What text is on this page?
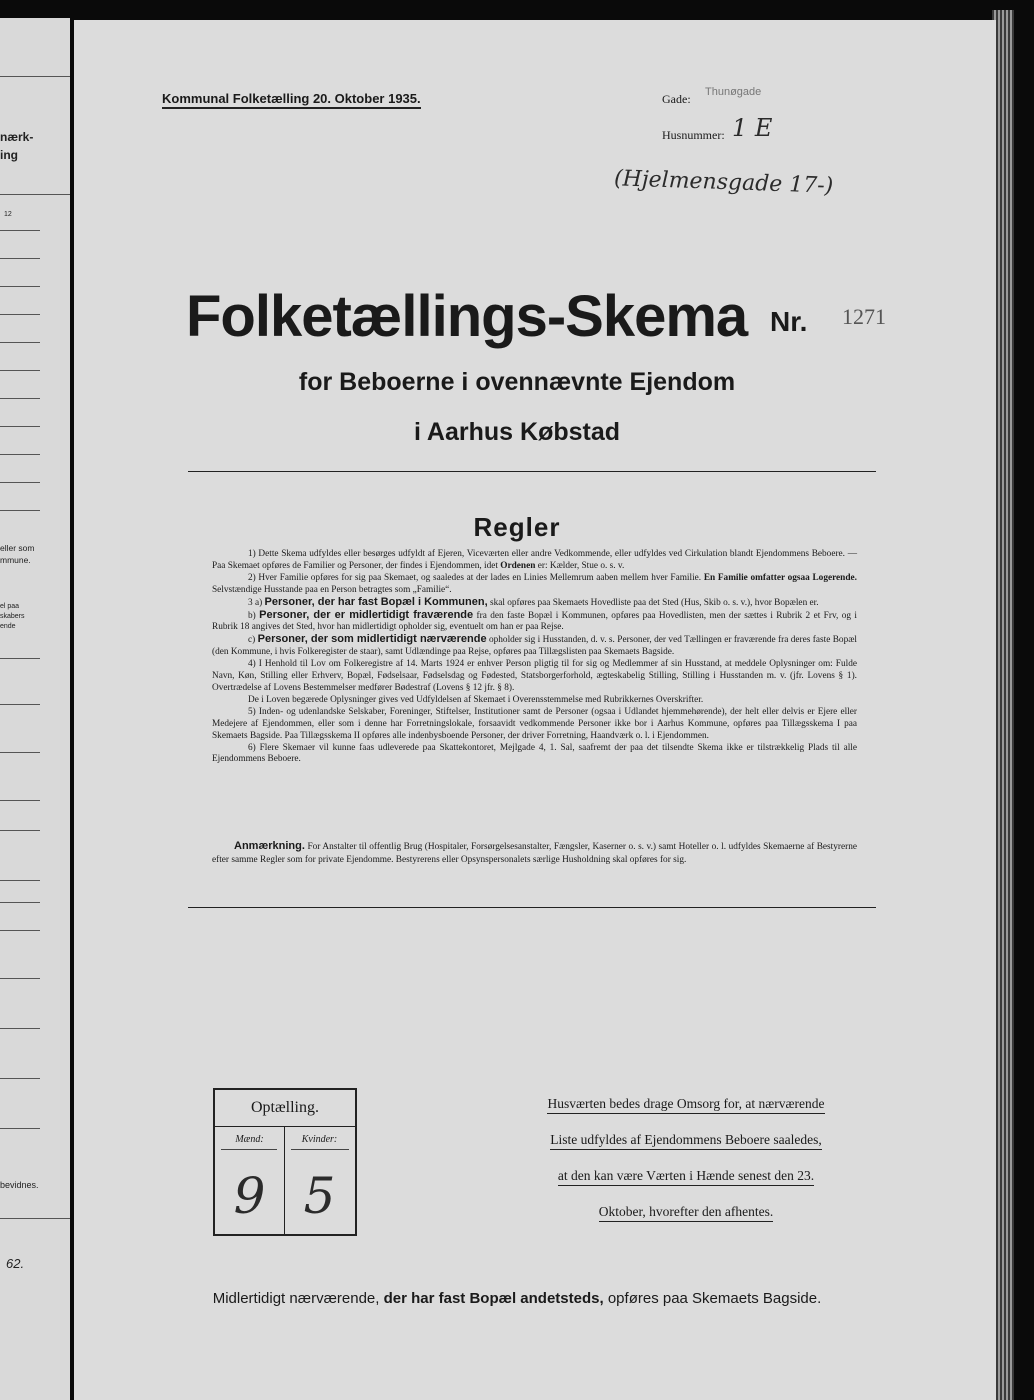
nærk-
ing
12
eller som
mmune.
el paa
skabers
ende
bevidnes.
62.
Kommunal Folketælling 20. Oktober 1935.	Gade: Thunøgade
Husnummer: 1 E
(Hjelmensgade 17-)
Folketællings-Skema Nr. 1271
for Beboerne i ovennævnte Ejendom
i Aarhus Købstad
Regler

1) Dette Skema udfyldes eller besørges udfyldt af Ejeren, Viceværten eller andre Vedkommende, eller udfyldes ved Cirkulation blandt Ejendommens Beboere. — Paa Skemaet opføres de Familier og Personer, der findes i Ejendommen, idet Ordenen er: Kælder, Stue o. s. v.

2) Hver Familie opføres for sig paa Skemaet, og saaledes at der lades en Linies Mellemrum aaben mellem hver Familie. En Familie omfatter ogsaa Logerende. Selvstændige Husstande paa en Person betragtes som „Familie“.

3 a) Personer, der har fast Bopæl i Kommunen, skal opføres paa Skemaets Hovedliste paa det Sted (Hus, Skib o. s. v.), hvor Bopælen er.

b) Personer, der er midlertidigt fraværende fra den faste Bopæl i Kommunen, opføres paa Hovedlisten, men der sættes i Rubrik 2 et Frv, og i Rubrik 18 angives det Sted, hvor han midlertidigt opholder sig, eventuelt om han er paa Rejse.

c) Personer, der som midlertidigt nærværende opholder sig i Husstanden, d. v. s. Personer, der ved Tællingen er fraværende fra deres faste Bopæl (den Kommune, i hvis Folkeregister de staar), samt Udlændinge paa Rejse, opføres paa Tillægslisten paa Skemaets Bagside.

4) I Henhold til Lov om Folkeregistre af 14. Marts 1924 er enhver Person pligtig til for sig og Medlemmer af sin Husstand, at meddele Oplysninger om: Fulde Navn, Køn, Stilling eller Erhverv, Bopæl, Fødselsaar, Fødselsdag og Fødested, Statsborgerforhold, ægteskabelig Stilling, Stilling i Husstanden m. v. (jfr. Lovens § 1). Overtrædelse af Lovens Bestemmelser medfører Bødestraf (Lovens § 12 jfr. § 8).

De i Loven begærede Oplysninger gives ved Udfyldelsen af Skemaet i Overensstemmelse med Rubrikkernes Overskrifter.

5) Inden- og udenlandske Selskaber, Foreninger, Stiftelser, Institutioner samt de Personer (ogsaa i Udlandet hjemmehørende), der helt eller delvis er Ejere eller Medejere af Ejendommen, eller som i denne har Forretningslokale, forsaavidt vedkommende Personer ikke bor i Aarhus Kommune, opføres paa Tillægsskema I paa Skemaets Bagside. Paa Tillægsskema II opføres alle indenbysboende Personer, der driver Forretning, Haandværk o. l. i Ejendommen.

6) Flere Skemaer vil kunne faas udleverede paa Skattekontoret, Mejlgade 4, 1. Sal, saafremt der paa det tilsendte Skema ikke er tilstrækkelig Plads til alle Ejendommens Beboere.

Anmærkning. For Anstalter til offentlig Brug (Hospitaler, Forsørgelsesanstalter, Fængsler, Kaserner o. s. v.) samt Hoteller o. l. udfyldes Skemaerne af Bestyrerne efter samme Regler som for private Ejendomme. Bestyrerens eller Opsynspersonalets særlige Husholdning skal opføres for sig.
Optælling.
Mænd:	Kvinder:
9 5
Husværten bedes drage Omsorg for, at nærværende
Liste udfyldes af Ejendommens Beboere saaledes,
at den kan være Værten i Hænde senest den 23.
Oktober, hvorefter den afhentes.
Midlertidigt nærværende, der har fast Bopæl andetsteds, opføres paa Skemaets Bagside.
